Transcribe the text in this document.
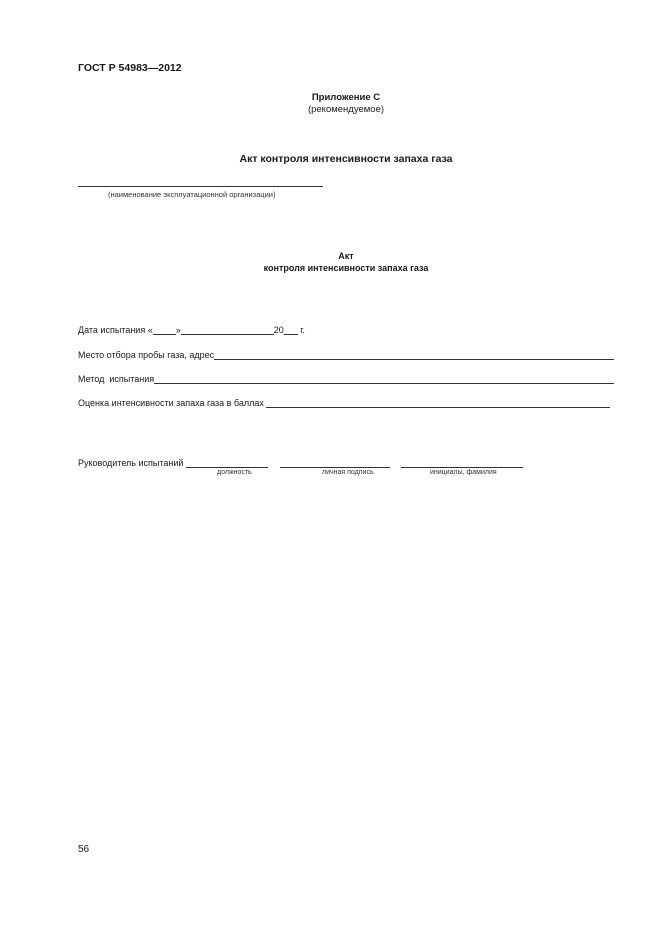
ГОСТ Р 54983—2012
Приложение С
(рекомендуемое)
Акт контроля интенсивности запаха газа
(наименование эксплуатационной организации)
Акт
контроля интенсивности запаха газа
Дата испытания «	»	20 г.
Место отбора пробы газа, адрес
Метод  испытания
Оценка интенсивности запаха газа в баллах
Руководитель испытаний
должность	личная подпись	инициалы, фамилия
56
